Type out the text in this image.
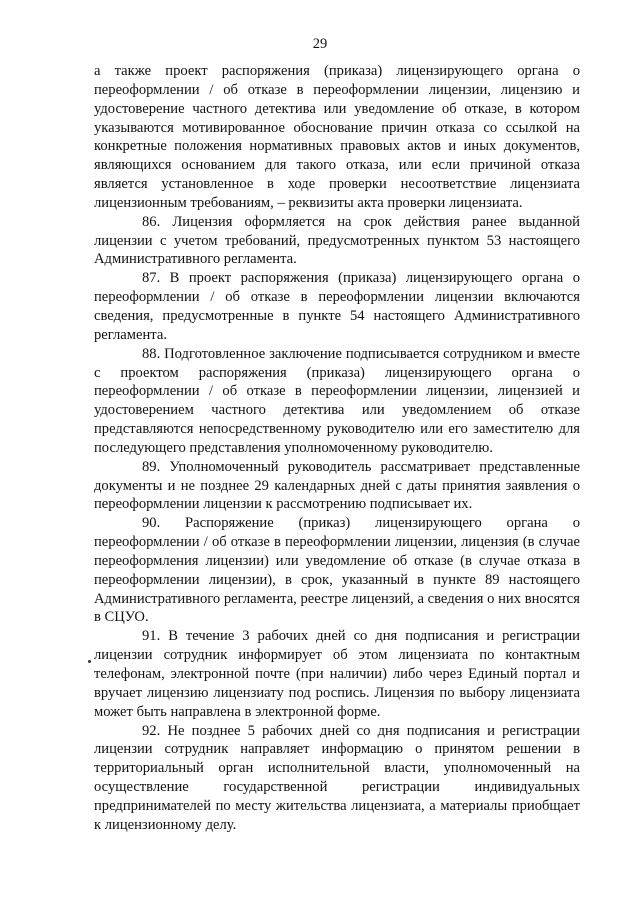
29

а также проект распоряжения (приказа) лицензирующего органа о переоформлении / об отказе в переоформлении лицензии, лицензию и удостоверение частного детектива или уведомление об отказе, в котором указываются мотивированное обоснование причин отказа со ссылкой на конкретные положения нормативных правовых актов и иных документов, являющихся основанием для такого отказа, или если причиной отказа является установленное в ходе проверки несоответствие лицензиата лицензионным требованиям, – реквизиты акта проверки лицензиата.

86. Лицензия оформляется на срок действия ранее выданной лицензии с учетом требований, предусмотренных пунктом 53 настоящего Административного регламента.

87. В проект распоряжения (приказа) лицензирующего органа о переоформлении / об отказе в переоформлении лицензии включаются сведения, предусмотренные в пункте 54 настоящего Административного регламента.

88. Подготовленное заключение подписывается сотрудником и вместе с проектом распоряжения (приказа) лицензирующего органа о переоформлении / об отказе в переоформлении лицензии, лицензией и удостоверением частного детектива или уведомлением об отказе представляются непосредственному руководителю или его заместителю для последующего представления уполномоченному руководителю.

89. Уполномоченный руководитель рассматривает представленные документы и не позднее 29 календарных дней с даты принятия заявления о переоформлении лицензии к рассмотрению подписывает их.

90. Распоряжение (приказ) лицензирующего органа о переоформлении / об отказе в переоформлении лицензии, лицензия (в случае переоформления лицензии) или уведомление об отказе (в случае отказа в переоформлении лицензии), в срок, указанный в пункте 89 настоящего Административного регламента, реестре лицензий, а сведения о них вносятся в СЦУО.

91. В течение 3 рабочих дней со дня подписания и регистрации лицензии сотрудник информирует об этом лицензиата по контактным телефонам, электронной почте (при наличии) либо через Единый портал и вручает лицензию лицензиату под роспись. Лицензия по выбору лицензиата может быть направлена в электронной форме.

92. Не позднее 5 рабочих дней со дня подписания и регистрации лицензии сотрудник направляет информацию о принятом решении в территориальный орган исполнительной власти, уполномоченный на осуществление государственной регистрации индивидуальных предпринимателей по месту жительства лицензиата, а материалы приобщает к лицензионному делу.
